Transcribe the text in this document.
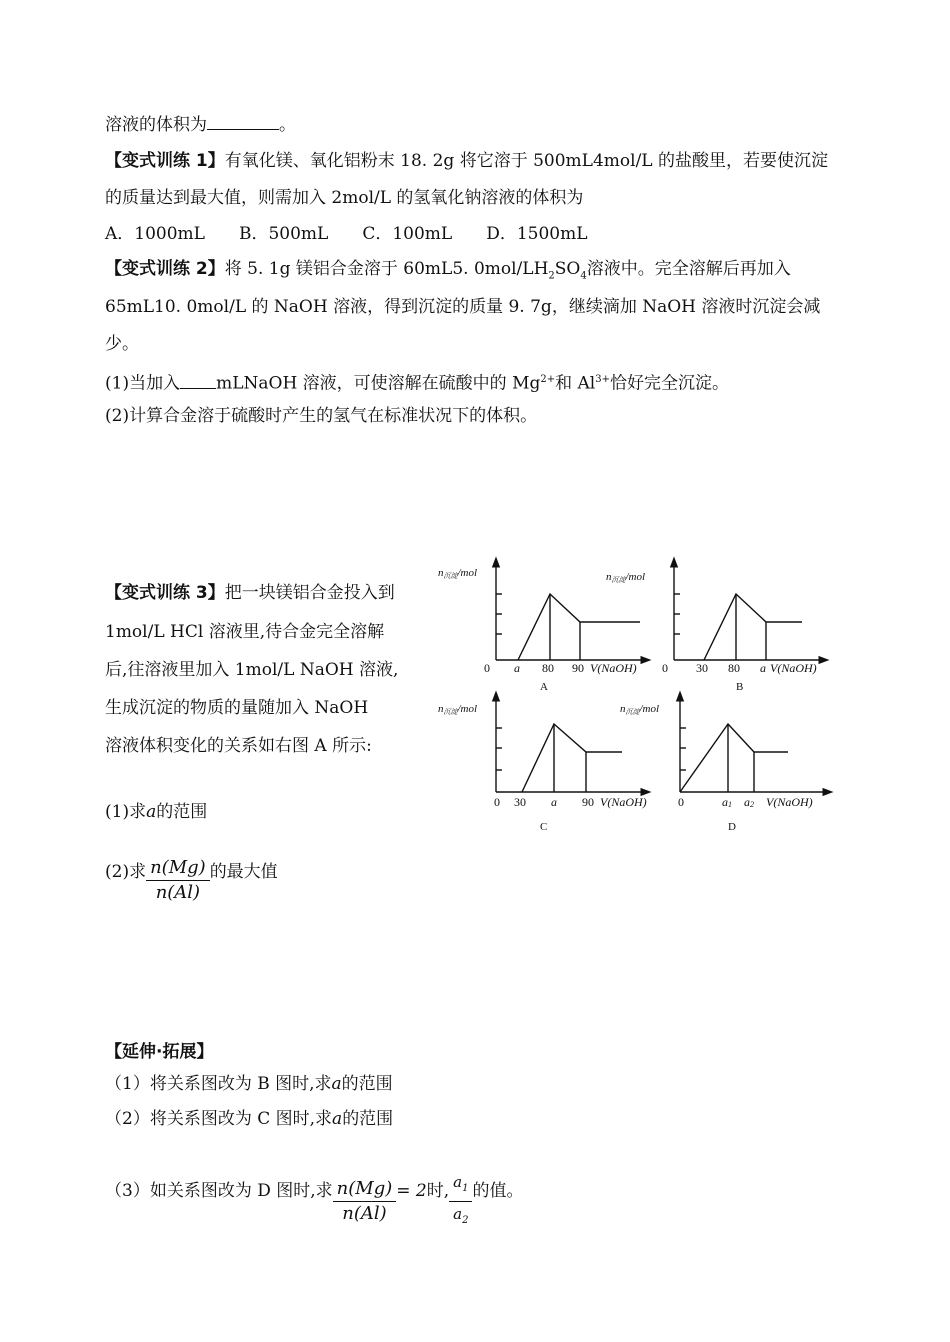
溶液的体积为	。
【变式训练 1】有氧化镁、氧化铝粉末 18. 2g 将它溶于 500mL4mol/L 的盐酸里，若要使沉淀
的质量达到最大值，则需加入 2mol/L 的氢氧化钠溶液的体积为
A．1000mL B．500mL C．100mL D．1500mL
【变式训练 2】将 5. 1g 镁铝合金溶于 60mL5. $0mol/LH_2SO_4$溶液中。完全溶解后再加入
65mL10. 0mol/L 的 NaOH 溶液，得到沉淀的质量 9. 7g，继续滴加 NaOH 溶液时沉淀会减
少。
(1)当加入 mLNaOH 溶液，可使溶解在硫酸中的 $Mg^{2+}$和 $Al^{3+}$恰好完全沉淀。
(2)计算合金溶于硫酸时产生的氢气在标准状况下的体积。
【变式训练 3】把一块镁铝合金投入到
1mol/L HCl 溶液里,待合金完全溶解
后,往溶液里加入 1mol/L NaOH 溶液,
生成沉淀的物质的量随加入 NaOH
溶液体积变化的关系如右图 A 所示:
(1)求a的范围
(2)求 $\frac{n(Mg)}{n(Al)}$ 的最大值
n沉淀/mol
0 a 80 90 V(NaOH)
A
n沉淀/mol
0 30 80 a V(NaOH)
B
n沉淀/mol
0 30 a 90 V(NaOH)
C
n沉淀/mol
0	a1 a2 V(NaOH)
D
【延伸·拓展】
（1）将关系图改为 B 图时,求a的范围
（2）将关系图改为 C 图时,求a的范围
（3）如关系图改为 D 图时,求 $\frac{n(Mg)}{n(Al)} = 2$时, $\frac{a_1}{a_2}$ 的值。
